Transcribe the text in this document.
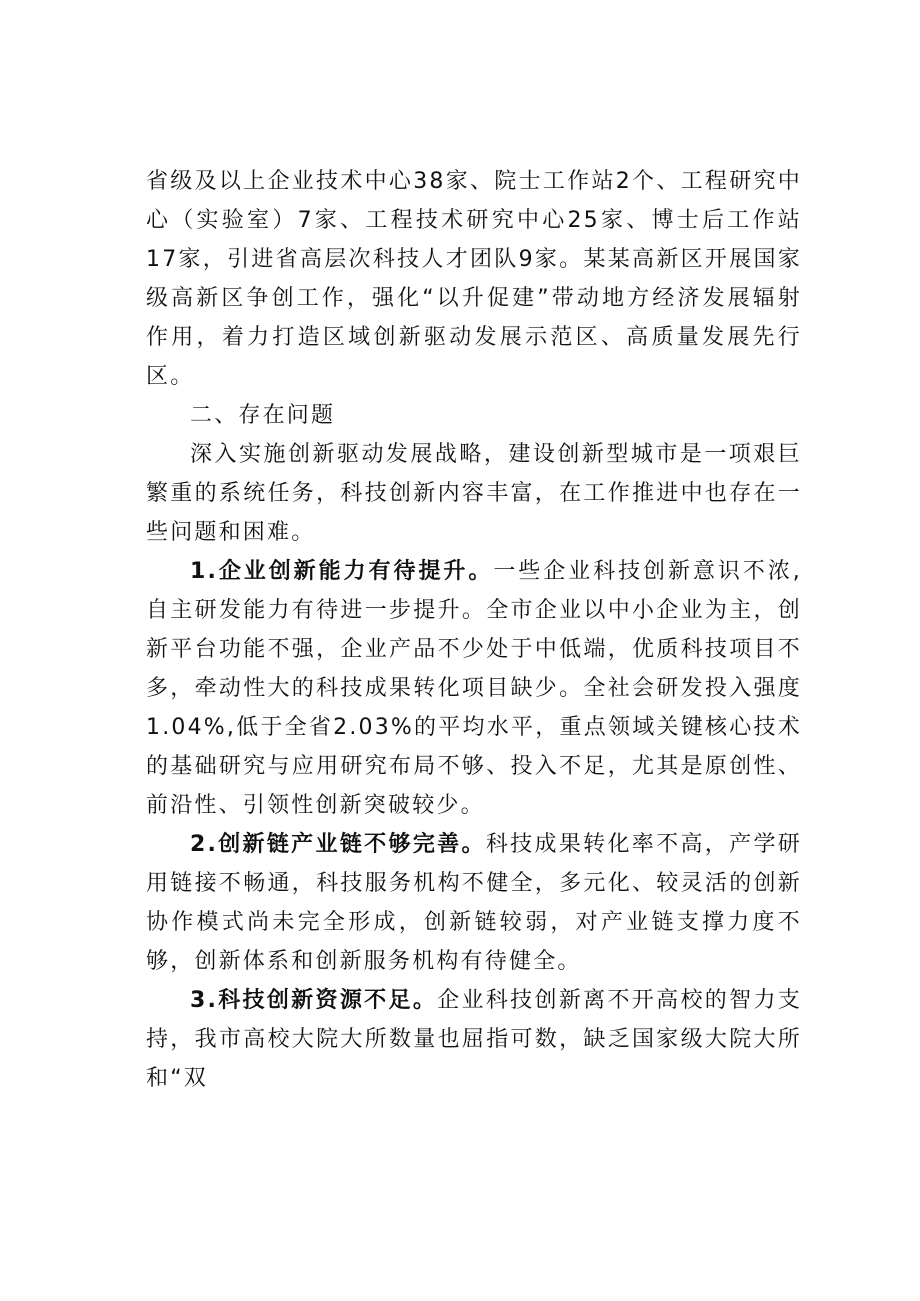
省级及以上企业技术中心38家、院士工作站2个、工程研究中心（实验室）7家、工程技术研究中心25家、博士后工作站17家，引进省高层次科技人才团队9家。某某高新区开展国家级高新区争创工作，强化“以升促建”带动地方经济发展辐射作用，着力打造区域创新驱动发展示范区、高质量发展先行区。

二、存在问题

深入实施创新驱动发展战略，建设创新型城市是一项艰巨繁重的系统任务，科技创新内容丰富，在工作推进中也存在一些问题和困难。

1.企业创新能力有待提升。一些企业科技创新意识不浓,自主研发能力有待进一步提升。全市企业以中小企业为主，创新平台功能不强，企业产品不少处于中低端，优质科技项目不多，牵动性大的科技成果转化项目缺少。全社会研发投入强度1.04%,低于全省2.03%的平均水平，重点领域关键核心技术的基础研究与应用研究布局不够、投入不足，尤其是原创性、前沿性、引领性创新突破较少。

2.创新链产业链不够完善。科技成果转化率不高，产学研用链接不畅通，科技服务机构不健全，多元化、较灵活的创新协作模式尚未完全形成，创新链较弱，对产业链支撑力度不够，创新体系和创新服务机构有待健全。

3.科技创新资源不足。企业科技创新离不开高校的智力支持，我市高校大院大所数量也屈指可数，缺乏国家级大院大所和“双
